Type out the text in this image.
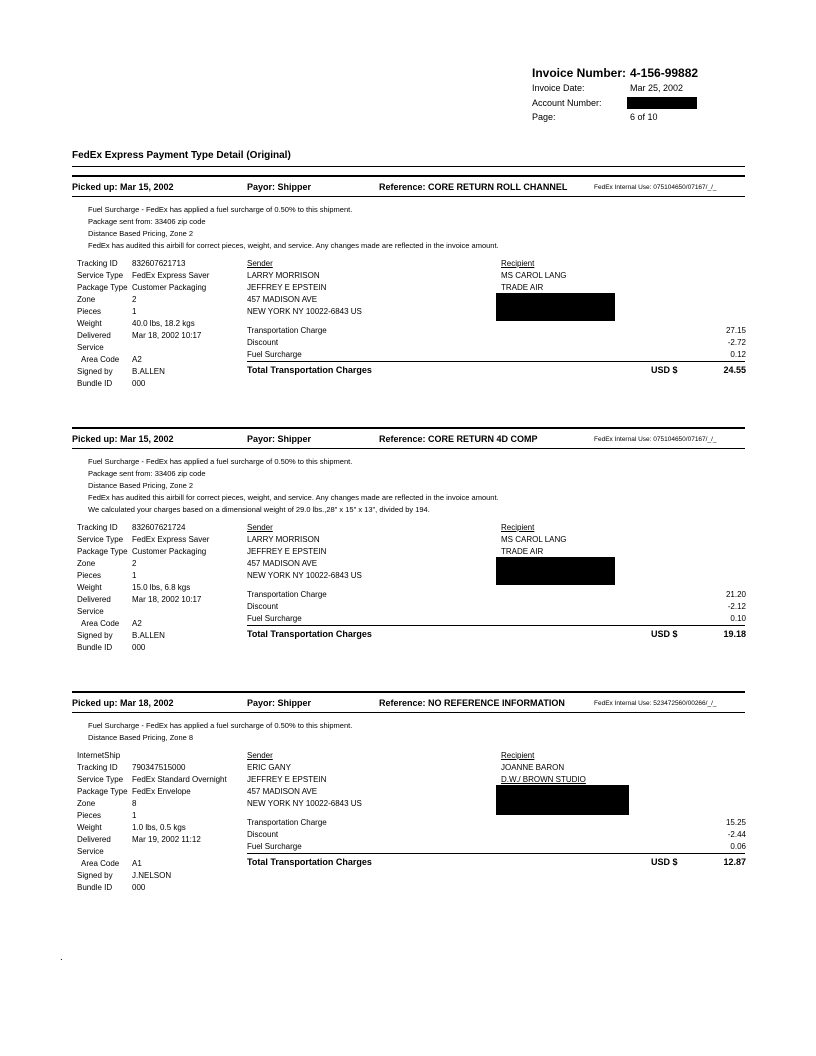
Invoice Number: 4-156-99882
Invoice Date:	Mar 25, 2002
Account Number:
Page:	6 of 10
FedEx Express Payment Type Detail (Original)
Picked up: Mar 15, 2002	Payor: Shipper	Reference: CORE RETURN ROLL CHANNEL	FedEx Internal Use: 075104650/07167/_/_
Fuel Surcharge - FedEx has applied a fuel surcharge of 0.50% to this shipment.
Package sent from: 33406 zip code
Distance Based Pricing, Zone 2
FedEx has audited this airbill for correct pieces, weight, and service. Any changes made are reflected in the invoice amount.
Tracking ID 832607621713
Service Type FedEx Express Saver
Package Type Customer Packaging
Zone	2
Pieces	1
Weight	40.0 lbs, 18.2 kgs
Delivered	Mar 18, 2002 10:17
Service
Area Code A2
Signed by B.ALLEN
Bundle ID 000
Sender
LARRY MORRISON
JEFFREY E EPSTEIN
457 MADISON AVE
NEW YORK NY 10022-6843 US
Recipient
MS CAROL LANG
TRADE AIR
Transportation Charge	27.15
Discount	-2.72
Fuel Surcharge	0.12
Total Transportation Charges	USD $	24.55
Picked up: Mar 15, 2002	Payor: Shipper	Reference: CORE RETURN 4D COMP	FedEx Internal Use: 075104650/07167/_/_
Fuel Surcharge - FedEx has applied a fuel surcharge of 0.50% to this shipment.
Package sent from: 33406 zip code
Distance Based Pricing, Zone 2
FedEx has audited this airbill for correct pieces, weight, and service. Any changes made are reflected in the invoice amount.
We calculated your charges based on a dimensional weight of 29.0 lbs.,28" x 15" x 13", divided by 194.
Tracking ID 832607621724
Service Type FedEx Express Saver
Package Type Customer Packaging
Zone	2
Pieces	1
Weight	15.0 lbs, 6.8 kgs
Delivered	Mar 18, 2002 10:17
Service
Area Code A2
Signed by B.ALLEN
Bundle ID 000
Sender
LARRY MORRISON
JEFFREY E EPSTEIN
457 MADISON AVE
NEW YORK NY 10022-6843 US
Recipient
MS CAROL LANG
TRADE AIR
Transportation Charge	21.20
Discount	-2.12
Fuel Surcharge	0.10
Total Transportation Charges	USD $	19.18
Picked up: Mar 18, 2002	Payor: Shipper	Reference: NO REFERENCE INFORMATION	FedEx Internal Use: 523472560/00266/_/_
Fuel Surcharge - FedEx has applied a fuel surcharge of 0.50% to this shipment.
Distance Based Pricing, Zone 8
InternetShip
Tracking ID 790347515000
Service Type FedEx Standard Overnight
Package Type FedEx Envelope
Zone	8
Pieces	1
Weight	1.0 lbs, 0.5 kgs
Delivered	Mar 19, 2002 11:12
Service
Area Code A1
Signed by J.NELSON
Bundle ID 000
Sender
ERIC GANY
JEFFREY E EPSTEIN
457 MADISON AVE
NEW YORK NY 10022-6843 US
Recipient
JOANNE BARON
D.W./ BROWN STUDIO
Transportation Charge	15.25
Discount	-2.44
Fuel Surcharge	0.06
Total Transportation Charges	USD $	12.87
.
